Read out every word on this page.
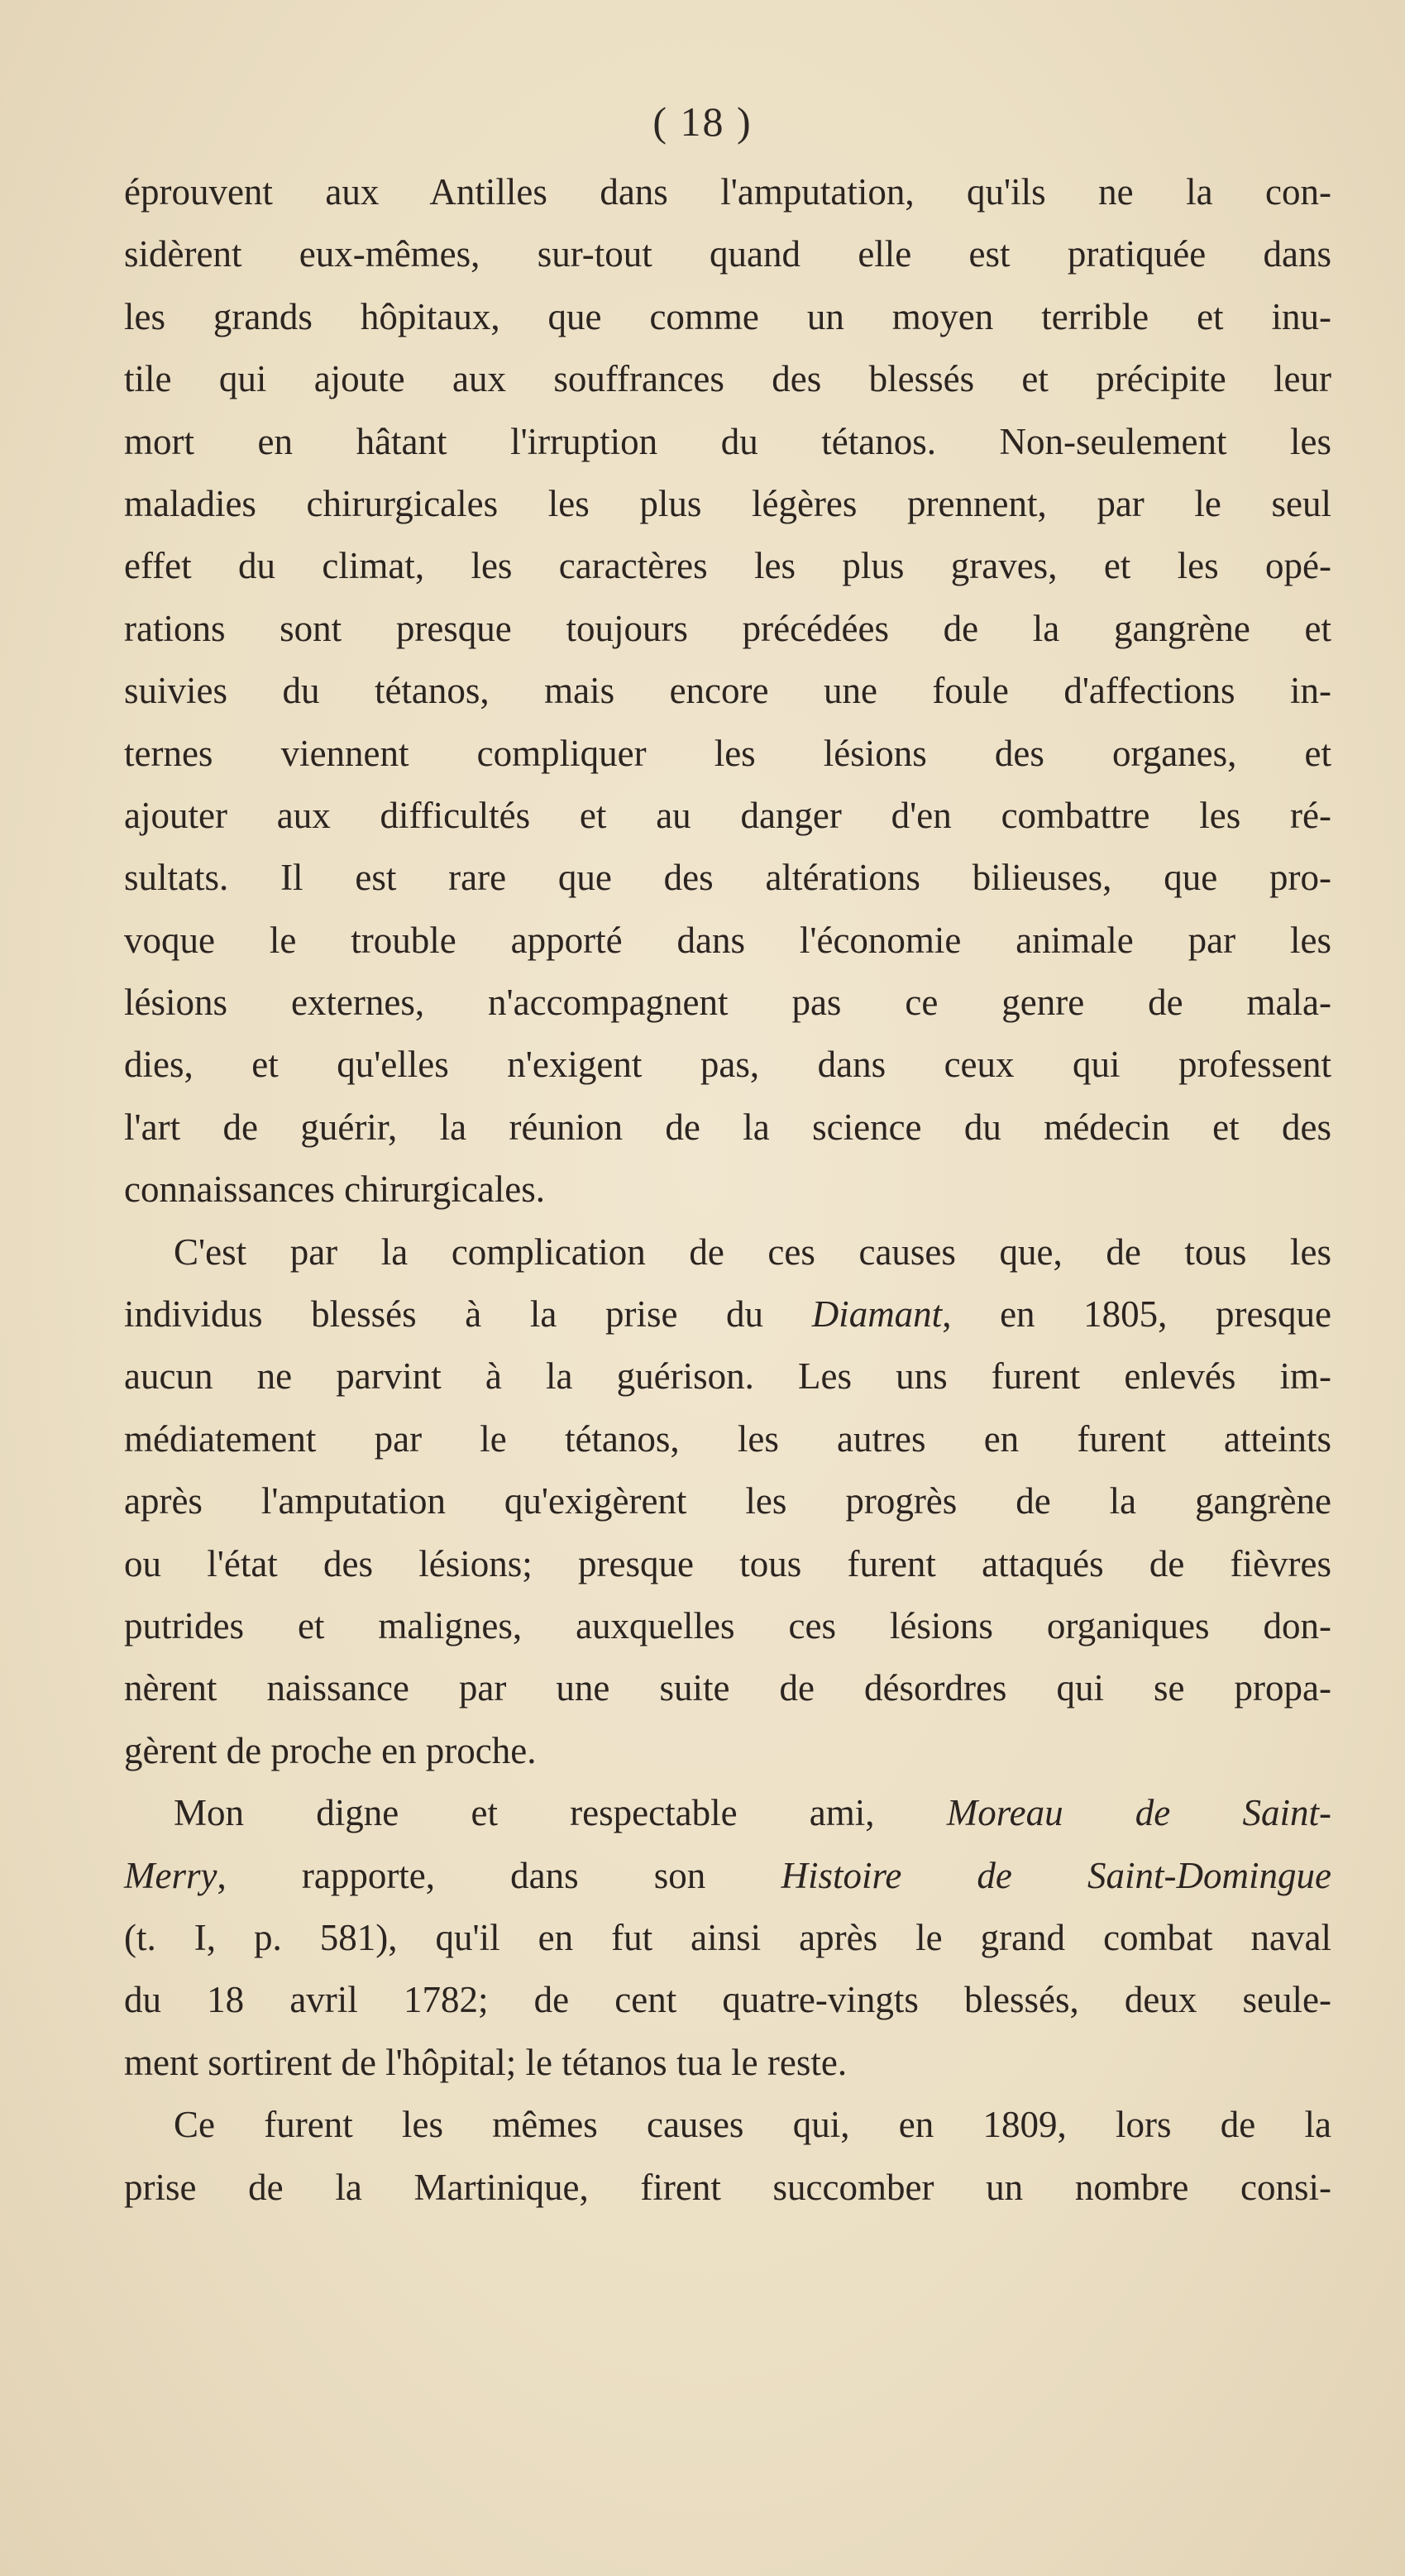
( 18 )
éprouvent aux Antilles dans l'amputation, qu'ils ne la con-
sidèrent eux-mêmes, sur-tout quand elle est pratiquée dans
les grands hôpitaux, que comme un moyen terrible et inu-
tile qui ajoute aux souffrances des blessés et précipite leur
mort en hâtant l'irruption du tétanos. Non-seulement les
maladies chirurgicales les plus légères prennent, par le seul
effet du climat, les caractères les plus graves, et les opé-
rations sont presque toujours précédées de la gangrène et
suivies du tétanos, mais encore une foule d'affections in-
ternes viennent compliquer les lésions des organes, et
ajouter aux difficultés et au danger d'en combattre les ré-
sultats. Il est rare que des altérations bilieuses, que pro-
voque le trouble apporté dans l'économie animale par les
lésions externes, n'accompagnent pas ce genre de mala-
dies, et qu'elles n'exigent pas, dans ceux qui professent
l'art de guérir, la réunion de la science du médecin et des
connaissances chirurgicales.
C'est par la complication de ces causes que, de tous les
individus blessés à la prise du Diamant, en 1805, presque
aucun ne parvint à la guérison. Les uns furent enlevés im-
médiatement par le tétanos, les autres en furent atteints
après l'amputation qu'exigèrent les progrès de la gangrène
ou l'état des lésions; presque tous furent attaqués de fièvres
putrides et malignes, auxquelles ces lésions organiques don-
nèrent naissance par une suite de désordres qui se propa-
gèrent de proche en proche.
Mon digne et respectable ami, Moreau de Saint-
Merry, rapporte, dans son Histoire de Saint-Domingue
(t. I, p. 581), qu'il en fut ainsi après le grand combat naval
du 18 avril 1782; de cent quatre-vingts blessés, deux seule-
ment sortirent de l'hôpital; le tétanos tua le reste.
Ce furent les mêmes causes qui, en 1809, lors de la
prise de la Martinique, firent succomber un nombre consi-
